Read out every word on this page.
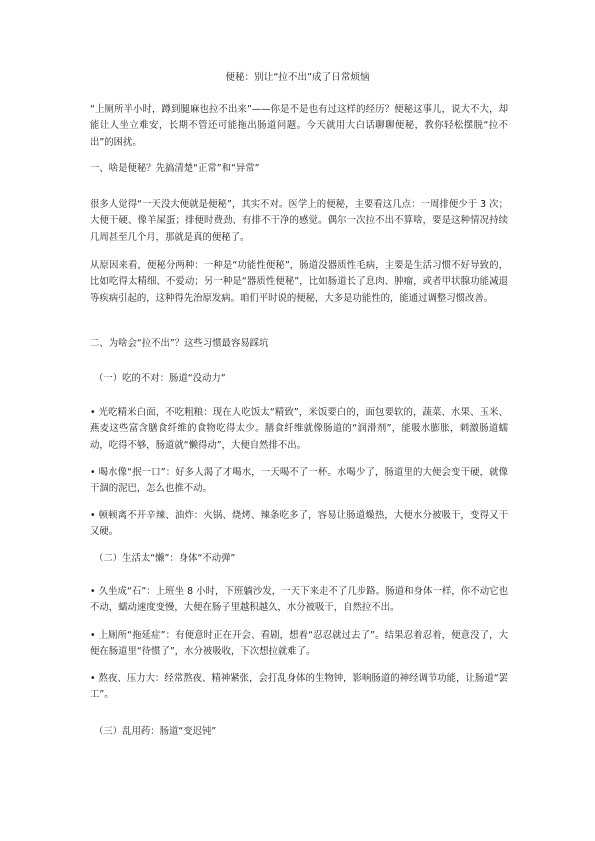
便秘：别让“拉不出”成了日常烦恼

“上厕所半小时，蹲到腿麻也拉不出来”——你是不是也有过这样的经历？便秘这事儿，说大不大，却能让人坐立难安，长期不管还可能拖出肠道问题。今天就用大白话聊聊便秘，教你轻松摆脱“拉不出”的困扰。

一、啥是便秘？先搞清楚“正常”和“异常”

很多人觉得“一天没大便就是便秘”，其实不对。医学上的便秘，主要看这几点：一周排便少于 3 次；大便干硬、像羊屎蛋；排便时费劲、有排不干净的感觉。偶尔一次拉不出不算啥，要是这种情况持续几周甚至几个月，那就是真的便秘了。

从原因来看，便秘分两种：一种是“功能性便秘”，肠道没器质性毛病，主要是生活习惯不好导致的，比如吃得太精细、不爱动；另一种是“器质性便秘”，比如肠道长了息肉、肿瘤，或者甲状腺功能减退等疾病引起的，这种得先治原发病。咱们平时说的便秘，大多是功能性的，能通过调整习惯改善。

二、为啥会“拉不出”？这些习惯最容易踩坑

（一）吃的不对：肠道“没动力”

• 光吃精米白面，不吃粗粮：现在人吃饭太“精致”，米饭要白的，面包要软的，蔬菜、水果、玉米、燕麦这些富含膳食纤维的食物吃得太少。膳食纤维就像肠道的“润滑剂”，能吸水膨胀，刺激肠道蠕动，吃得不够，肠道就“懒得动”，大便自然排不出。

• 喝水像“抿一口”：好多人渴了才喝水，一天喝不了一杯。水喝少了，肠道里的大便会变干硬，就像干涸的泥巴，怎么也推不动。

• 顿顿离不开辛辣、油炸：火锅、烧烤、辣条吃多了，容易让肠道燥热，大便水分被吸干，变得又干又硬。

（二）生活太“懒”：身体“不动弹”

• 久坐成“石”：上班坐 8 小时，下班躺沙发，一天下来走不了几步路。肠道和身体一样，你不动它也不动，蠕动速度变慢，大便在肠子里越积越久，水分被吸干，自然拉不出。

• 上厕所“拖延症”：有便意时正在开会、看剧，想着“忍忍就过去了”。结果忍着忍着，便意没了，大便在肠道里“待惯了”，水分被吸收，下次想拉就难了。

• 熬夜、压力大：经常熬夜、精神紧张，会打乱身体的生物钟，影响肠道的神经调节功能，让肠道“罢工”。

（三）乱用药：肠道“变迟钝”
